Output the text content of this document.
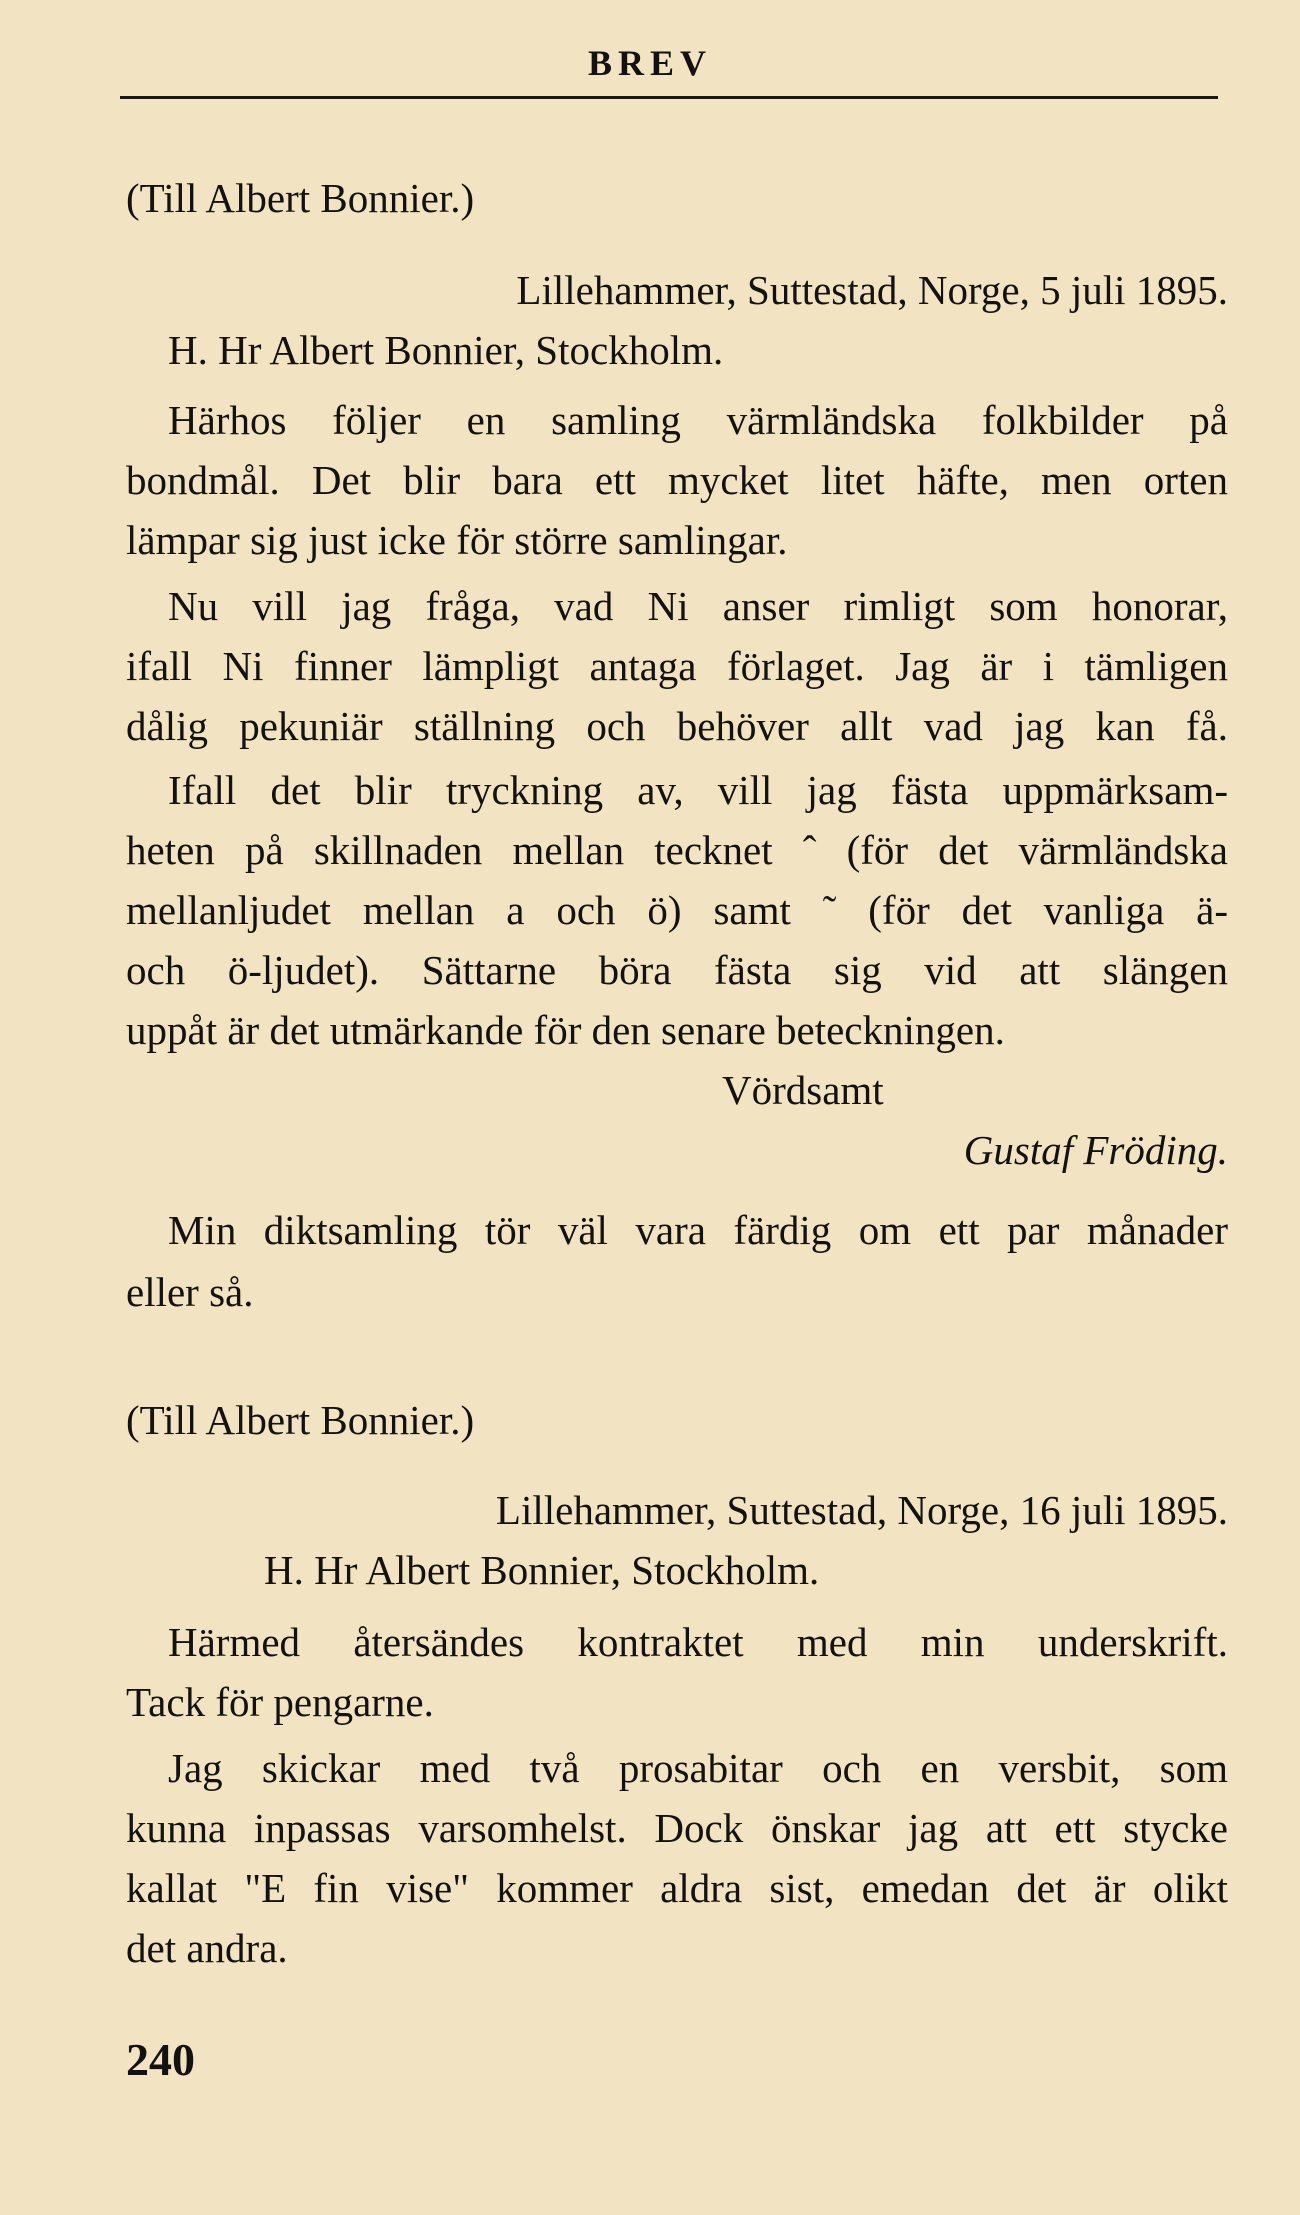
BREV
(Till Albert Bonnier.)
Lillehammer, Suttestad, Norge, 5 juli 1895.
H. Hr Albert Bonnier, Stockholm.
Härhos följer en samling värmländska folkbilder på
bondmål. Det blir bara ett mycket litet häfte, men orten
lämpar sig just icke för större samlingar.
Nu vill jag fråga, vad Ni anser rimligt som honorar,
ifall Ni finner lämpligt antaga förlaget. Jag är i tämligen
dålig pekuniär ställning och behöver allt vad jag kan få.
Ifall det blir tryckning av, vill jag fästa uppmärksam-
heten på skillnaden mellan tecknet ˆ (för det värmländska
mellanljudet mellan a och ö) samt ˜ (för det vanliga ä-
och ö-ljudet). Sättarne böra fästa sig vid att slängen
uppåt är det utmärkande för den senare beteckningen.
Vördsamt
Gustaf Fröding.
Min diktsamling tör väl vara färdig om ett par månader
eller så.
(Till Albert Bonnier.)
Lillehammer, Suttestad, Norge, 16 juli 1895.
H. Hr Albert Bonnier, Stockholm.
Härmed återsändes kontraktet med min underskrift.
Tack för pengarne.
Jag skickar med två prosabitar och en versbit, som
kunna inpassas varsomhelst. Dock önskar jag att ett stycke
kallat "E fin vise" kommer aldra sist, emedan det är olikt
det andra.
240
